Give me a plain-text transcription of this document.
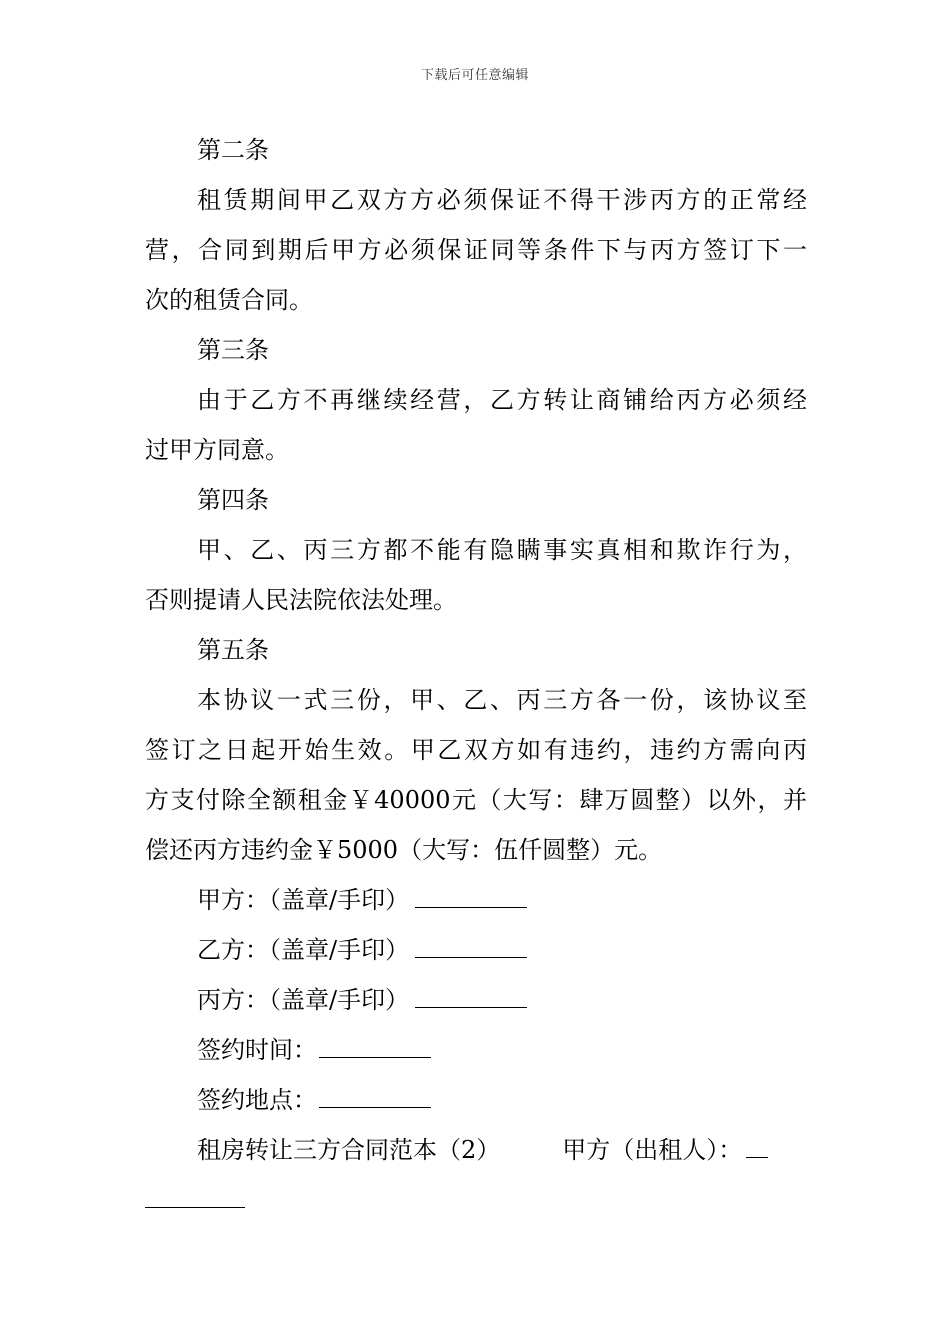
下载后可任意编辑
第二条
租赁期间甲乙双方方必须保证不得干涉丙方的正常经
营，合同到期后甲方必须保证同等条件下与丙方签订下一
次的租赁合同。
第三条
由于乙方不再继续经营，乙方转让商铺给丙方必须经
过甲方同意。
第四条
甲、乙、丙三方都不能有隐瞒事实真相和欺诈行为，
否则提请人民法院依法处理。
第五条
本协议一式三份，甲、乙、丙三方各一份，该协议至
签订之日起开始生效。甲乙双方如有违约，违约方需向丙
方支付除全额租金￥40000元（大写：肆万圆整）以外，并
偿还丙方违约金￥5000（大写：伍仟圆整）元。
甲方：（盖章/手印）
乙方：（盖章/手印）
丙方：（盖章/手印）
签约时间：
签约地点：
租房转让三方合同范本（2）	甲方（出租人）：
